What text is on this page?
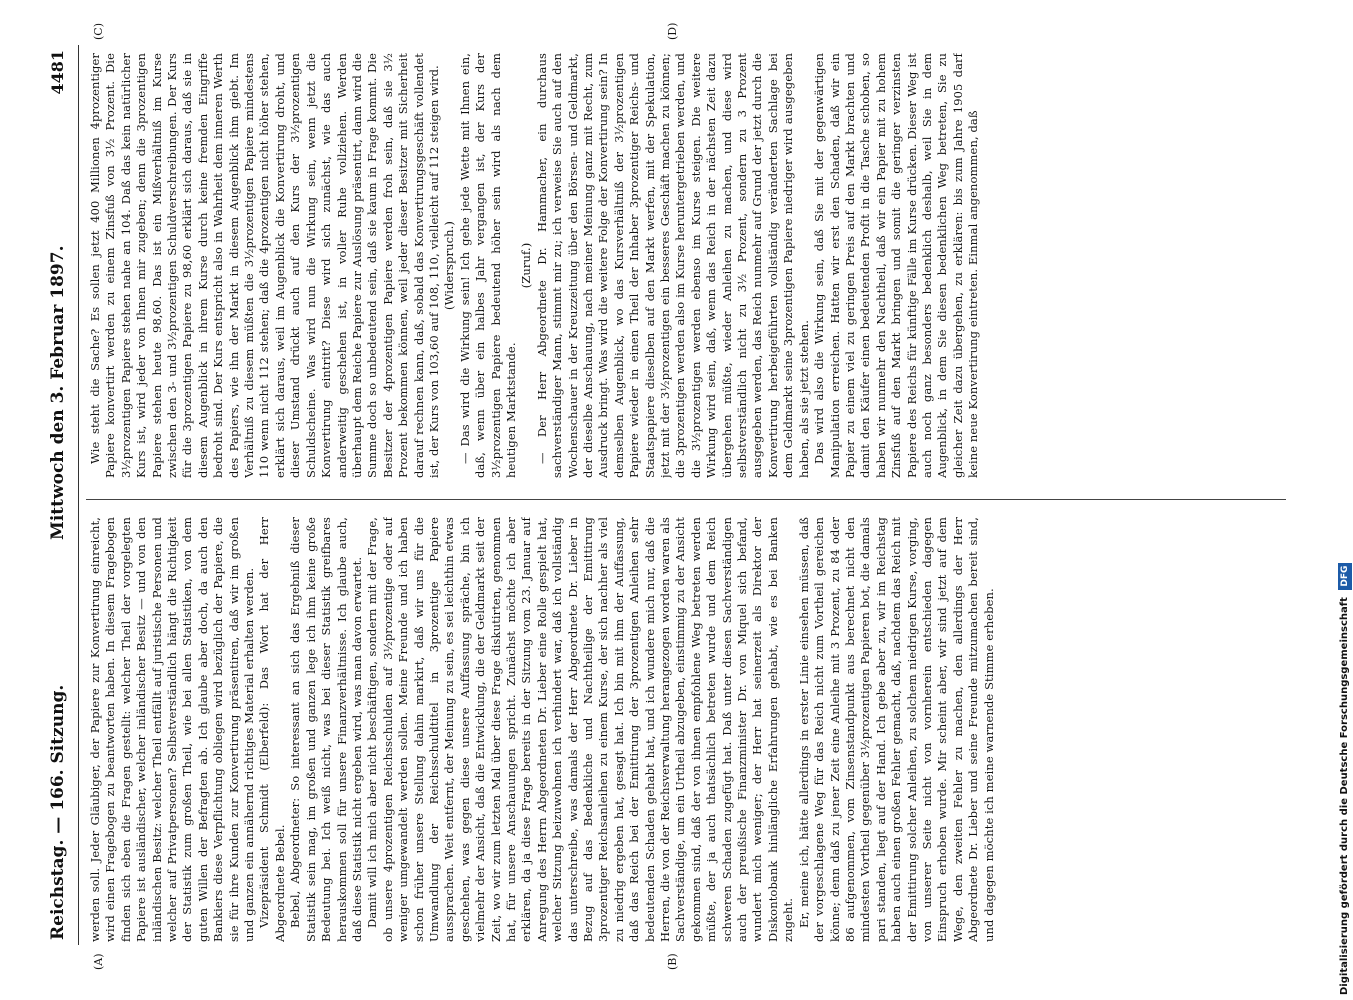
Reichstag. — 166. Sitzung.
Mittwoch den 3. Februar 1897.
4481
(A)	(B)
(C)	(D)

werden soll. Jeder Gläubiger, der Papiere zur Konvertirung einreicht, wird einen Fragebogen zu beantworten haben. In diesem Fragebogen finden sich eben die Fragen gestellt: welcher Theil der vorgelegten Papiere ist ausländischer, welcher inländischer Besitz — und von den inländischen Besitz: welcher Theil entfällt auf juristische Personen und welcher auf Privatpersonen? Selbstverständlich hängt die Richtigkeit der Statistik zum großen Theil, wie bei allen Statistiken, von dem guten Willen der Befragten ab. Ich glaube aber doch, da auch den Bankiers diese Verpflichtung obliegen wird bezüglich der Papiere, die sie für ihre Kunden zur Konvertirung präsentiren, daß wir im großen und ganzen ein annähernd richtiges Material erhalten werden. Vizepräsident Schmidt (Elberfeld): Das Wort hat der Herr Abgeordnete Bebel. Bebel, Abgeordneter: So interessant an sich das Ergebniß dieser Statistik sein mag, im großen und ganzen lege ich ihm keine große Bedeutung bei. Ich weiß nicht, was bei dieser Statistik greifbares herauskommen soll für unsere Finanzverhältnisse. Ich glaube auch, daß diese Statistik nicht ergeben wird, was man davon erwartet. Damit will ich mich aber nicht beschäftigen, sondern mit der Frage, ob unsere 4prozentigen Reichsschulden auf 3½prozentige oder auf weniger umgewandelt werden sollen. Meine Freunde und ich haben schon früher unsere Stellung dahin markirt, daß wir uns für die Umwandlung der Reichsschuldtitel in 3prozentige Papiere aussprachen. Weit entfernt, der Meinung zu sein, es sei leichthin etwas geschehen, was gegen diese unsere Auffassung spräche, bin ich vielmehr der Ansicht, daß die Entwicklung, die der Geldmarkt seit der Zeit, wo wir zum letzten Mal über diese Frage diskutirten, genommen hat, für unsere Anschauungen spricht. Zunächst möchte ich aber erklären, da ja diese Frage bereits in der Sitzung vom 23. Januar auf Anregung des Herrn Abgeordneten Dr. Lieber eine Rolle gespielt hat, welcher Sitzung beizuwohnen ich verhindert war, daß ich vollständig das unterschreibe, was damals der Herr Abgeordnete Dr. Lieber in Bezug auf das Bedenkliche und Nachtheilige der Emittirung 3prozentiger Reichsanleihen zu einem Kurse, der sich nachher als viel zu niedrig ergeben hat, gesagt hat. Ich bin mit ihm der Auffassung, daß das Reich bei der Emittirung der 3prozentigen Anleihen sehr bedeutenden Schaden gehabt hat, und ich wundere mich nur, daß die Herren, die von der Reichsverwaltung herangezogen worden waren als Sachverständige, um ein Urtheil abzugeben, einstimmig zu der Ansicht gekommen sind, daß der von ihnen empfohlene Weg betreten werden müßte, der ja auch thatsächlich betreten wurde und dem Reich schweren Schaden zugefügt hat. Daß unter diesen Sachverständigen auch der preußische Finanzminister Dr. von Miquel sich befand, wundert mich weniger; der Herr hat seinerzeit als Direktor der Diskontobank hinlängliche Erfahrungen gehabt, wie es bei Banken zugeht. Er, meine ich, hätte allerdings in erster Linie einsehen müssen, daß der vorgeschlagene Weg für das Reich nicht zum Vortheil gereichen könne; denn daß zu jener Zeit eine Anleihe mit 3 Prozent, zu 84 oder 86 aufgenommen, vom Zinsenstandpunkt aus berechnet nicht den mindesten Vortheil gegenüber 3½prozentigen Papieren bot, die damals pari standen, liegt auf der Hand. Ich gebe aber zu, wir im Reichstag haben auch einen großen Fehler gemacht, daß, nachdem das Reich mit der Emittirung solcher Anleihen, zu solchem niedrigen Kurse, vorging, von unserer Seite nicht von vornherein entschieden dagegen Einspruch erhoben wurde. Mir scheint aber, wir sind jetzt auf dem Wege, den zweiten Fehler zu machen, den allerdings der Herr Abgeordnete Dr. Lieber und seine Freunde mitzumachen bereit sind, und dagegen möchte ich meine warnende Stimme erheben.

Wie steht die Sache? Es sollen jetzt 400 Millionen 4prozentiger Papiere konvertirt werden zu einem Zinsfuß von 3½ Prozent. Die 3½prozentigen Papiere stehen nahe an 104. Daß das kein natürlicher Kurs ist, wird jeder von Ihnen mir zugeben; denn die 3prozentigen Papiere stehen heute 98,60. Das ist ein Mißverhältniß im Kurse zwischen den 3- und 3½prozentigen Schuldverschreibungen. Der Kurs für die 3prozentigen Papiere zu 98,60 erklärt sich daraus, daß sie in diesem Augenblick in ihrem Kurse durch keine fremden Eingriffe bedroht sind. Der Kurs entspricht also in Wahrheit dem inneren Werth des Papiers, wie ihn der Markt in diesem Augenblick ihm giebt. Im Verhältniß zu diesem müßten die 3½prozentigen Papiere mindestens 110 wenn nicht 112 stehen; daß die 4prozentigen nicht höher stehen, erklärt sich daraus, weil im Augenblick die Konvertirung droht, und dieser Umstand drückt auch auf den Kurs der 3½prozentigen Schuldscheine. Was wird nun die Wirkung sein, wenn jetzt die Konvertirung eintritt? Diese wird sich zunächst, wie das auch anderweitig geschehen ist, in voller Ruhe vollziehen. Werden überhaupt dem Reiche Papiere zur Auslösung präsentirt, dann wird die Summe doch so unbedeutend sein, daß sie kaum in Frage kommt. Die Besitzer der 4prozentigen Papiere werden froh sein, daß sie 3½ Prozent bekommen können, weil jeder dieser Besitzer mit Sicherheit darauf rechnen kann, daß, sobald das Konvertirungsgeschäft vollendet ist, der Kurs von 103,60 auf 108, 110, vielleicht auf 112 steigen wird. (Widerspruch.) — Das wird die Wirkung sein! Ich gehe jede Wette mit Ihnen ein, daß, wenn über ein halbes Jahr vergangen ist, der Kurs der 3½prozentigen Papiere bedeutend höher sein wird als nach dem heutigen Marktstande.

(Zuruf.) — Der Herr Abgeordnete Dr. Hammacher, ein durchaus sachverständiger Mann, stimmt mir zu; ich verweise Sie auch auf den Wochenschauer in der Kreuzzeitung über den Börsen- und Geldmarkt, der dieselbe Anschauung, nach meiner Meinung ganz mit Recht, zum Ausdruck bringt. Was wird die weitere Folge der Konvertirung sein? In demselben Augenblick, wo das Kursverhältniß der 3½prozentigen Papiere wieder in einen Theil der Inhaber 3prozentiger Reichs- und Staatspapiere dieselben auf den Markt werfen, mit der Spekulation, jetzt mit der 3½prozentigen ein besseres Geschäft machen zu können; die 3prozentigen werden also im Kurse heruntergetrieben werden, und die 3½prozentigen werden ebenso im Kurse steigen. Die weitere Wirkung wird sein, daß, wenn das Reich in der nächsten Zeit dazu übergehen müßte, wieder Anleihen zu machen, und diese wird selbstverständlich nicht zu 3½ Prozent, sondern zu 3 Prozent ausgegeben werden, das Reich nunmehr auf Grund der jetzt durch die Konvertirung herbeigeführten vollständig veränderten Sachlage bei dem Geldmarkt seine 3prozentigen Papiere niedriger wird ausgegeben haben, als sie jetzt stehen. Das wird also die Wirkung sein, daß Sie mit der gegenwärtigen Manipulation erreichen. Hatten wir erst den Schaden, daß wir ein Papier zu einem viel zu geringen Preis auf den Markt brachten und damit den Käufer einen bedeutenden Profit in die Tasche schoben, so haben wir nunmehr den Nachtheil, daß wir ein Papier mit zu hohem Zinsfuß auf den Markt bringen und somit die geringer verzinsten Papiere des Reichs für künftige Fälle im Kurse drücken. Dieser Weg ist auch noch ganz besonders bedenklich deshalb, weil Sie in dem Augenblick, in dem Sie diesen bedenklichen Weg betreten, Sie zu gleicher Zeit dazu übergehen, zu erklären: bis zum Jahre 1905 darf keine neue Konvertirung eintreten. Einmal angenommen, daß

Digitalisierung gefördert durch die Deutsche Forschungsgemeinschaft DFG
